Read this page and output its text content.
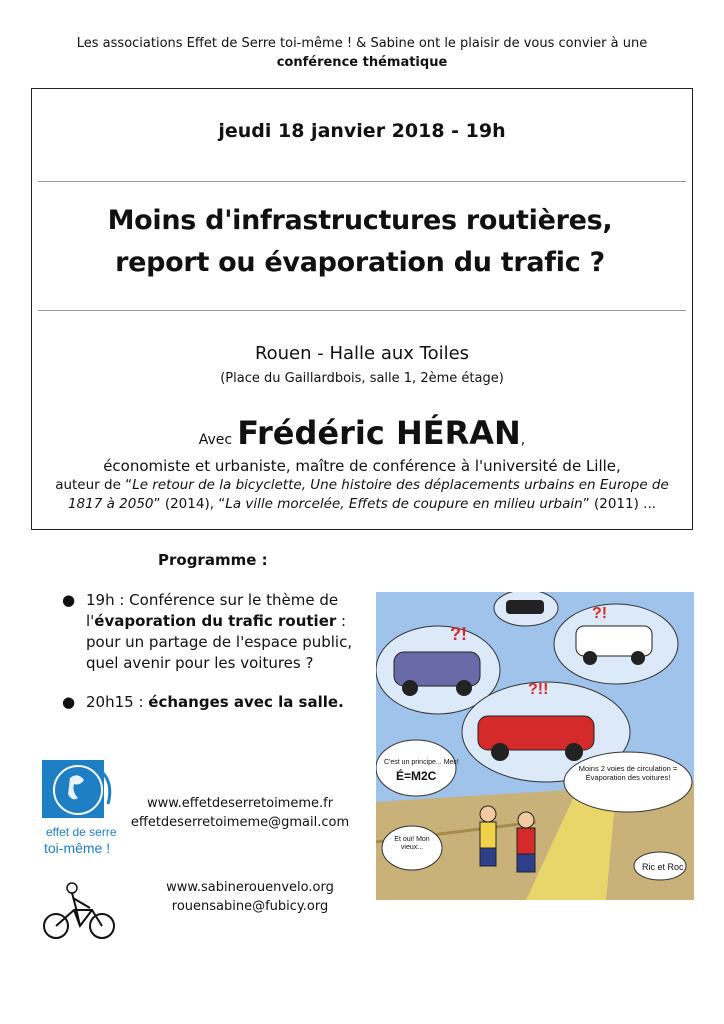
Les associations Effet de Serre toi-même ! & Sabine ont le plaisir de vous convier à une
conférence thématique
jeudi 18 janvier 2018 - 19h
Moins d'infrastructures routières,
report ou évaporation du trafic ?
Rouen - Halle aux Toiles
(Place du Gaillardbois, salle 1, 2ème étage)
Avec Frédéric HÉRAN,
économiste et urbaniste, maître de conférence à l'université de Lille,
auteur de “Le retour de la bicyclette, Une histoire des déplacements urbains en Europe de 1817 à 2050” (2014), “La ville morcelée, Effets de coupure en milieu urbain” (2011) ...
Programme :
● 19h : Conférence sur le thème de l'évaporation du trafic routier : pour un partage de l'espace public, quel avenir pour les voitures ?
● 20h15 : échanges avec la salle.
association
effet de serre
toi-même !
www.effetdeserretoimeme.fr
effetdeserretoimeme@gmail.com
www.sabinerouenvelo.org
rouensabine@fubicy.org
?!
?!
?!!
C'est un principe... Mec!
É=M2C
Moins 2 voies de circulation = Évaporation des voitures!
Et oui! Mon vieux...
Ric et Roc
